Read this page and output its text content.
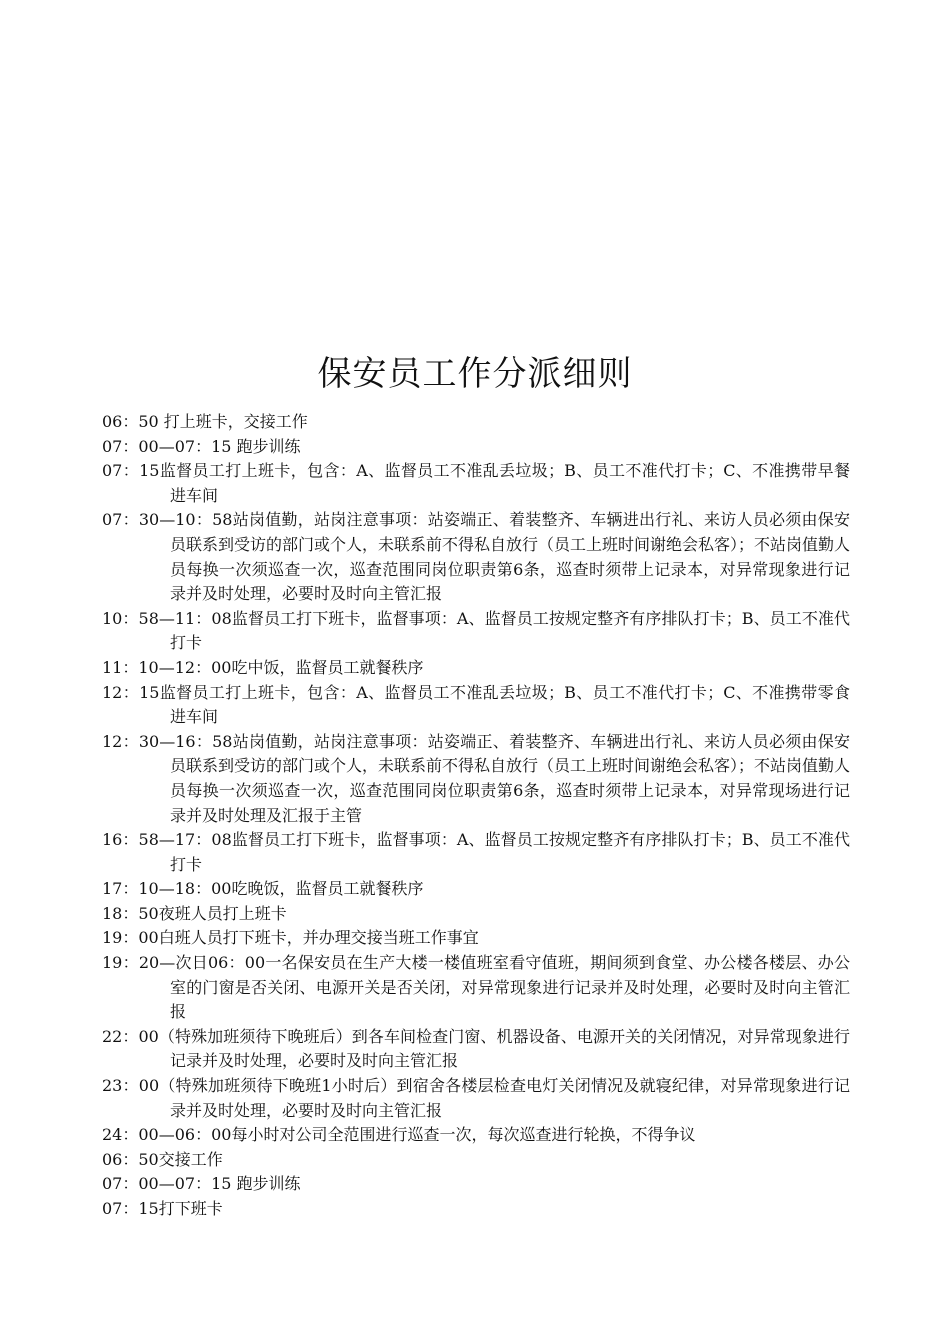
保安员工作分派细则
06：50 打上班卡，交接工作
07：00—07：15 跑步训练
07：15监督员工打上班卡，包含：A、监督员工不准乱丢垃圾；B、员工不准代打卡；C、不准携带早餐进车间
07：30—10：58站岗值勤，站岗注意事项：站姿端正、着装整齐、车辆进出行礼、来访人员必须由保安员联系到受访的部门或个人，未联系前不得私自放行（员工上班时间谢绝会私客）；不站岗值勤人员每换一次须巡查一次，巡查范围同岗位职责第6条，巡查时须带上记录本，对异常现象进行记录并及时处理，必要时及时向主管汇报
10：58—11：08监督员工打下班卡，监督事项：A、监督员工按规定整齐有序排队打卡；B、员工不准代打卡
11：10—12：00吃中饭，监督员工就餐秩序
12：15监督员工打上班卡，包含：A、监督员工不准乱丢垃圾；B、员工不准代打卡；C、不准携带零食进车间
12：30—16：58站岗值勤，站岗注意事项：站姿端正、着装整齐、车辆进出行礼、来访人员必须由保安员联系到受访的部门或个人，未联系前不得私自放行（员工上班时间谢绝会私客）；不站岗值勤人员每换一次须巡查一次，巡查范围同岗位职责第6条，巡查时须带上记录本，对异常现场进行记录并及时处理及汇报于主管
16：58—17：08监督员工打下班卡，监督事项：A、监督员工按规定整齐有序排队打卡；B、员工不准代打卡
17：10—18：00吃晚饭，监督员工就餐秩序
18：50夜班人员打上班卡
19：00白班人员打下班卡，并办理交接当班工作事宜
19：20—次日06：00一名保安员在生产大楼一楼值班室看守值班，期间须到食堂、办公楼各楼层、办公室的门窗是否关闭、电源开关是否关闭，对异常现象进行记录并及时处理，必要时及时向主管汇报
22：00（特殊加班须待下晚班后）到各车间检查门窗、机器设备、电源开关的关闭情况，对异常现象进行记录并及时处理，必要时及时向主管汇报
23：00（特殊加班须待下晚班1小时后）到宿舍各楼层检查电灯关闭情况及就寝纪律，对异常现象进行记录并及时处理，必要时及时向主管汇报
24：00—06：00每小时对公司全范围进行巡查一次，每次巡查进行轮换，不得争议
06：50交接工作
07：00—07：15 跑步训练
07：15打下班卡
